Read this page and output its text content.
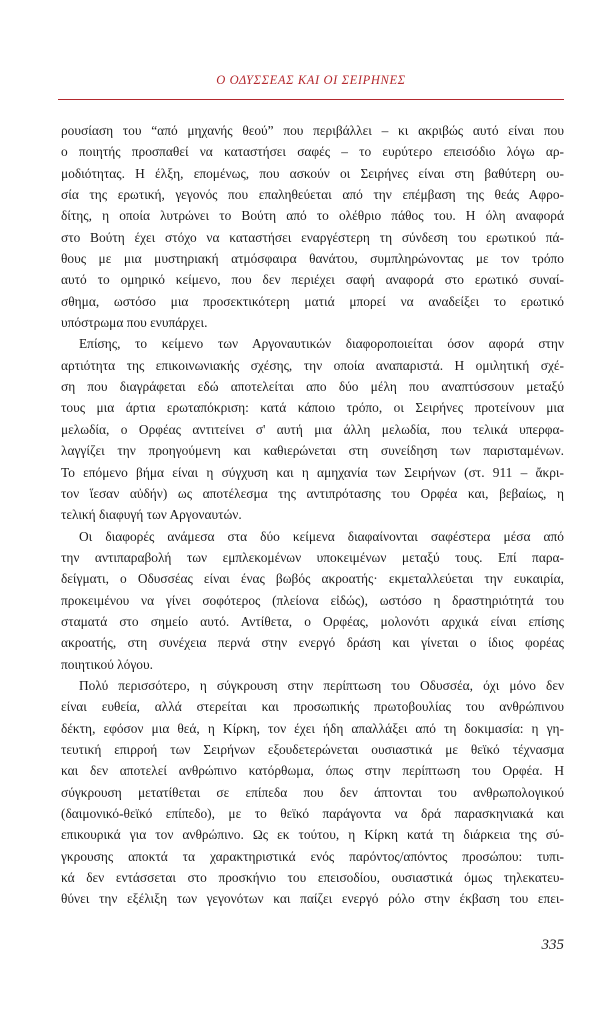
Ο ΟΔΥΣΣΕΑΣ ΚΑΙ ΟΙ ΣΕΙΡΗΝΕΣ
ρουσίαση του “από μηχανής θεού” που περιβάλλει – κι ακριβώς αυτό είναι που
ο ποιητής προσπαθεί να καταστήσει σαφές – το ευρύτερο επεισόδιο λόγω αρ-
μοδιότητας. Η έλξη, επομένως, που ασκούν οι Σειρήνες είναι στη βαθύτερη ου-
σία της ερωτική, γεγονός που επαληθεύεται από την επέμβαση της θεάς Αφρο-
δίτης, η οποία λυτρώνει το Βούτη από το ολέθριο πάθος του. Η όλη αναφορά
στο Βούτη έχει στόχο να καταστήσει εναργέστερη τη σύνδεση του ερωτικού πά-
θους με μια μυστηριακή ατμόσφαιρα θανάτου, συμπληρώνοντας με τον τρόπο
αυτό το ομηρικό κείμενο, που δεν περιέχει σαφή αναφορά στο ερωτικό συναί-
σθημα, ωστόσο μια προσεκτικότερη ματιά μπορεί να αναδείξει το ερωτικό
υπόστρωμα που ενυπάρχει.
Επίσης, το κείμενο των Αργοναυτικών διαφοροποιείται όσον αφορά στην
αρτιότητα της επικοινωνιακής σχέσης, την οποία αναπαριστά. Η ομιλητική σχέ-
ση που διαγράφεται εδώ αποτελείται απο δύο μέλη που αναπτύσσουν μεταξύ
τους μια άρτια ερωταπόκριση: κατά κάποιο τρόπο, οι Σειρήνες προτείνουν μια
μελωδία, ο Ορφέας αντιτείνει σ' αυτή μια άλλη μελωδία, που τελικά υπερφα-
λαγγίζει την προηγούμενη και καθιερώνεται στη συνείδηση των παρισταμένων.
Το επόμενο βήμα είναι η σύγχυση και η αμηχανία των Σειρήνων (στ. 911 – ἄκρι-
τον ἵεσαν αὐδήν) ως αποτέλεσμα της αντιπρότασης του Ορφέα και, βεβαίως, η
τελική διαφυγή των Αργοναυτών.
Οι διαφορές ανάμεσα στα δύο κείμενα διαφαίνονται σαφέστερα μέσα από
την αντιπαραβολή των εμπλεκομένων υποκειμένων μεταξύ τους. Επί παρα-
δείγματι, ο Οδυσσέας είναι ένας βωβός ακροατής· εκμεταλλεύεται την ευκαιρία,
προκειμένου να γίνει σοφότερος (πλείονα εἰδώς), ωστόσο η δραστηριότητά του
σταματά στο σημείο αυτό. Αντίθετα, ο Ορφέας, μολονότι αρχικά είναι επίσης
ακροατής, στη συνέχεια περνά στην ενεργό δράση και γίνεται ο ίδιος φορέας
ποιητικού λόγου.
Πολύ περισσότερο, η σύγκρουση στην περίπτωση του Οδυσσέα, όχι μόνο δεν
είναι ευθεία, αλλά στερείται και προσωπικής πρωτοβουλίας του ανθρώπινου
δέκτη, εφόσον μια θεά, η Κίρκη, τον έχει ήδη απαλλάξει από τη δοκιμασία: η γη-
τευτική επιρροή των Σειρήνων εξουδετερώνεται ουσιαστικά με θεϊκό τέχνασμα
και δεν αποτελεί ανθρώπινο κατόρθωμα, όπως στην περίπτωση του Ορφέα. Η
σύγκρουση μετατίθεται σε επίπεδα που δεν άπτονται του ανθρωπολογικού
(δαιμονικό-θεϊκό επίπεδο), με το θεϊκό παράγοντα να δρά παρασκηνιακά και
επικουρικά για τον ανθρώπινο. Ως εκ τούτου, η Κίρκη κατά τη διάρκεια της σύ-
γκρουσης αποκτά τα χαρακτηριστικά ενός παρόντος/απόντος προσώπου: τυπι-
κά δεν εντάσσεται στο προσκήνιο του επεισοδίου, ουσιαστικά όμως τηλεκατευ-
θύνει την εξέλιξη των γεγονότων και παίζει ενεργό ρόλο στην έκβαση του επει-
335
